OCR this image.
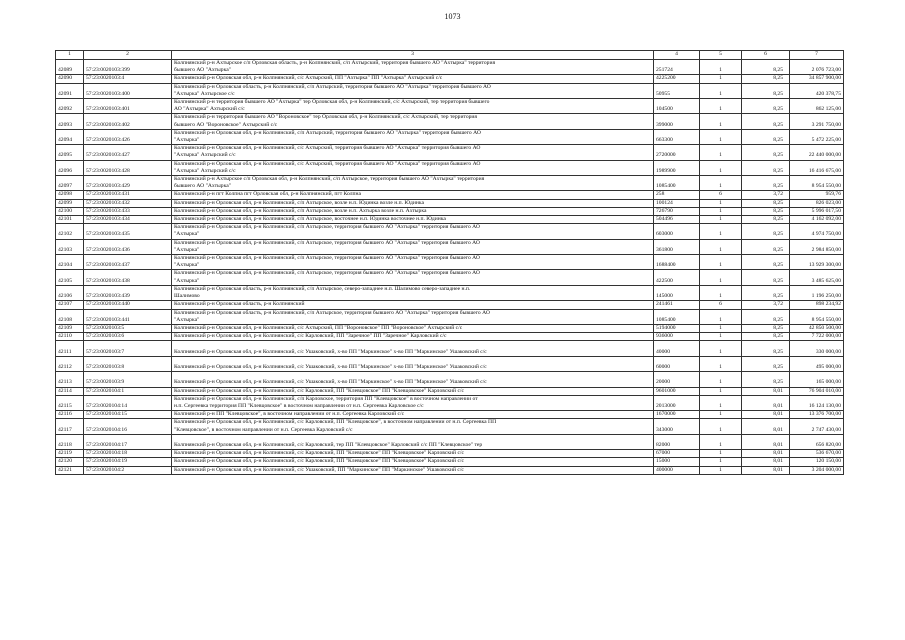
1073
1	2	3	4	5	6	7
42089	57:23:0020103:399	Колпнянский р-н Ахтырское с/п Орловская область, р-н Колпнянский, с/п Ахтырский, территория бывшего АО "Ахтырка" территория
бывшего АО "Ахтырка"	251724	1	8,25	2 076 723,00
42090	57:23:0020103:4	Колпнянский р-н Орловская обл, р-н Колпнянский, с/с Ахтырский, ПП "Ахтырка" ПП "Ахтырка" Ахтырский с/с	4225200	1	8,25	34 857 900,00
42091	57:23:0020103:400	Колпнянский р-н Орловская область, р-н Колпнянский, с/п Ахтырский, территория бывшего АО "Ахтырка" территория бывшего АО
"Ахтырка" Ахтырское с/с	50955	1	8,25	420 378,75
42092	57:23:0020103:401	Колпнянский р-н территория бывшего АО "Ахтырка" тер Орловская обл, р-н Колпнянский, с/с Ахтырский, тер территория бывшего
АО "Ахтырка" Ахтырский с/с	104500	1	8,25	862 125,00
42093	57:23:0020103:402	Колпнянский р-н территория бывшего АО "Вороновское" тер Орловская обл, р-н Колпнянский, с/с Ахтырский, тер территория
бывшего АО "Вороновское" Ахтырский с/с	399000	1	8,25	3 291 750,00
42094	57:23:0020103:426	Колпнянский р-н Орловская обл, р-н Колпнянский, с/п Ахтырский, территория бывшего АО "Ахтырка" территория бывшего АО
"Ахтырка"	663300	1	8,25	5 472 225,00
42095	57:23:0020103:427	Колпнянский р-н Орловская обл, р-н Колпнянский, с/с Ахтырский, территория бывшего АО "Ахтырка" территория бывшего АО
"Ахтырка" Ахтырский с/с	2720000	1	8,25	22 440 000,00
42096	57:23:0020103:428	Колпнянский р-н Орловская обл, р-н Колпнянский, с/с Ахтырский, территория бывшего АО "Ахтырка" территория бывшего АО
"Ахтырка" Ахтырский с/с	1989900	1	8,25	16 416 675,00
42097	57:23:0020103:429	Колпнянский р-н Ахтырское с/п Орловская обл, р-н Колпнянский, с/п Ахтырское, территория бывшего АО "Ахтырка" территория
бывшего АО "Ахтырка"	1085400	1	8,25	8 954 550,00
42098	57:23:0020103:431	Колпнянский р-н пгт Колпна пгт Орловская обл, р-н Колпнянский, пгт Колпна	258	6	3,72	959,76
42099	57:23:0020103:432	Колпнянский р-н Орловская обл, р-н Колпнянский, с/п Ахтырское, возле н.п. Юдинка возле н.п. Юдинка	100124	1	8,25	826 023,00
42100	57:23:0020103:433	Колпнянский р-н Орловская обл, р-н Колпнянский, с/п Ахтырское, возле н.п. Ахтырка возле н.п. Ахтырка	726790	1	8,25	5 996 017,50
42101	57:23:0020103:434	Колпнянский р-н Орловская обл, р-н Колпнянский, с/п Ахтырское, восточнее н.п. Юдинка восточнее н.п. Юдинка	504496	1	8,25	4 162 092,00
42102	57:23:0020103:435	Колпнянский р-н Орловская обл, р-н Колпнянский, с/п Ахтырское, территория бывшего АО "Ахтырка" территория бывшего АО
"Ахтырка"	603000	1	8,25	4 974 750,00
42103	57:23:0020103:436	Колпнянский р-н Орловская обл, р-н Колпнянский, с/п Ахтырское, территория бывшего АО "Ахтырка" территория бывшего АО
"Ахтырка"	361800	1	8,25	2 984 850,00
42104	57:23:0020103:437	Колпнянский р-н Орловская обл, р-н Колпнянский, с/п Ахтырское, территория бывшего АО "Ахтырка" территория бывшего АО
"Ахтырка"	1688400	1	8,25	13 929 300,00
42105	57:23:0020103:438	Колпнянский р-н Орловская обл, р-н Колпнянский, с/п Ахтырское, территория бывшего АО "Ахтырка" территория бывшего АО
"Ахтырка"	422500	1	8,25	3 485 625,00
42106	57:23:0020103:439	Колпнянский р-н Орловская область, р-н Колпнянский, с/п Ахтырское, северо-западнее н.п. Шалимово северо-западнее н.п.
Шалимово	145000	1	8,25	1 196 250,00
42107	57:23:0020103:440	Колпнянский р-н Орловская область, р-н Колпнянский	241461	6	3,72	898 234,92
42108	57:23:0020103:441	Колпнянский р-н Орловская область, р-н Колпнянский, с/п Ахтырское, территория бывшего АО "Ахтырка" территория бывшего АО
"Ахтырка"	1085400	1	8,25	8 954 550,00
42109	57:23:0020103:5	Колпнянский р-н Орловская обл, р-н Колпнянский, с/с Ахтырский, ПП "Вороновское" ПП "Вороновское" Ахтырский с/с	5194000	1	8,25	42 850 500,00
42110	57:23:0020103:6	Колпнянский р-н Орловская обл, р-н Колпнянский, с/с Карловский, ПП "Заречное" ПП "Заречное" Карловский с/с	936000	1	8,25	7 722 000,00
42111	57:23:0020103:7	Колпнянский р-н Орловская обл, р-н Колпнянский, с/с Ушаковский, х-во ПП "Маркинское" х-во ПП "Маркинское" Ушаковский с/с	40000	1	8,25	330 000,00
42112	57:23:0020103:8	Колпнянский р-н Орловская обл, р-н Колпнянский, с/с Ушаковский, х-во ПП "Маркинское" х-во ПП "Маркинское" Ушаковский с/с	60000	1	8,25	495 000,00
42113	57:23:0020103:9	Колпнянский р-н Орловская обл, р-н Колпнянский, с/с Ушаковский, х-во ПП "Маркинское" х-во ПП "Маркинское" Ушаковский с/с	20000	1	8,25	165 000,00
42114	57:23:0020104:1	Колпнянский р-н Орловская обл, р-н Колпнянский, с/с Карловский, ПП "Клевцовское" ПП "Клевцовское" Карловский с/с	9601000	1	8,01	76 904 010,00
42115	57:23:0020104:14	Колпнянский р-н Орловская обл, р-н Колпнянский, с/п Карловское, территория ПП "Клевцовское" в восточном направлении от
н.п. Сергеевка территория ПП "Клевцовское" в восточном направлении от н.п. Сергеевка Карловское с/с	2013000	1	8,01	16 124 130,00
42116	57:23:0020104:15	Колпнянский р-н ПП "Клевцовское", в восточном направлении от н.п. Сергеевка Карловский с/с	1670000	1	8,01	13 376 700,00
42117	57:23:0020104:16	Колпнянский р-н Орловская обл, р-н Колпнянский, с/с Карловский, ПП "Клевцовское", в восточном направлении от н.п. Сергеевка ПП
"Клевцовское", в восточном направлении от н.п. Сергеевка Карловский с/с	343000	1	8,01	2 747 430,00
42118	57:23:0020104:17	Колпнянский р-н Орловская обл, р-н Колпнянский, с/с Карловский, тер ПП "Клевцовское" Карловский с/с ПП "Клевцовское" тер	82000	1	8,01	656 820,00
42119	57:23:0020104:18	Колпнянский р-н Орловская обл, р-н Колпнянский, с/с Карловский, ПП "Клевцовское" ПП "Клевцовское" Карловский с/с	67000	1	8,01	536 670,00
42120	57:23:0020104:19	Колпнянский р-н Орловская обл, р-н Колпнянский, с/с Карловский, ПП "Клевцовское" ПП "Клевцовское" Карловский с/с	15000	1	8,01	120 150,00
42121	57:23:0020104:2	Колпнянский р-н Орловская обл, р-н Колпнянский, с/с Ушаковский, ПП "Маркинское" ПП "Маркинское" Ушаковский с/с	400000	1	8,01	3 204 000,00
